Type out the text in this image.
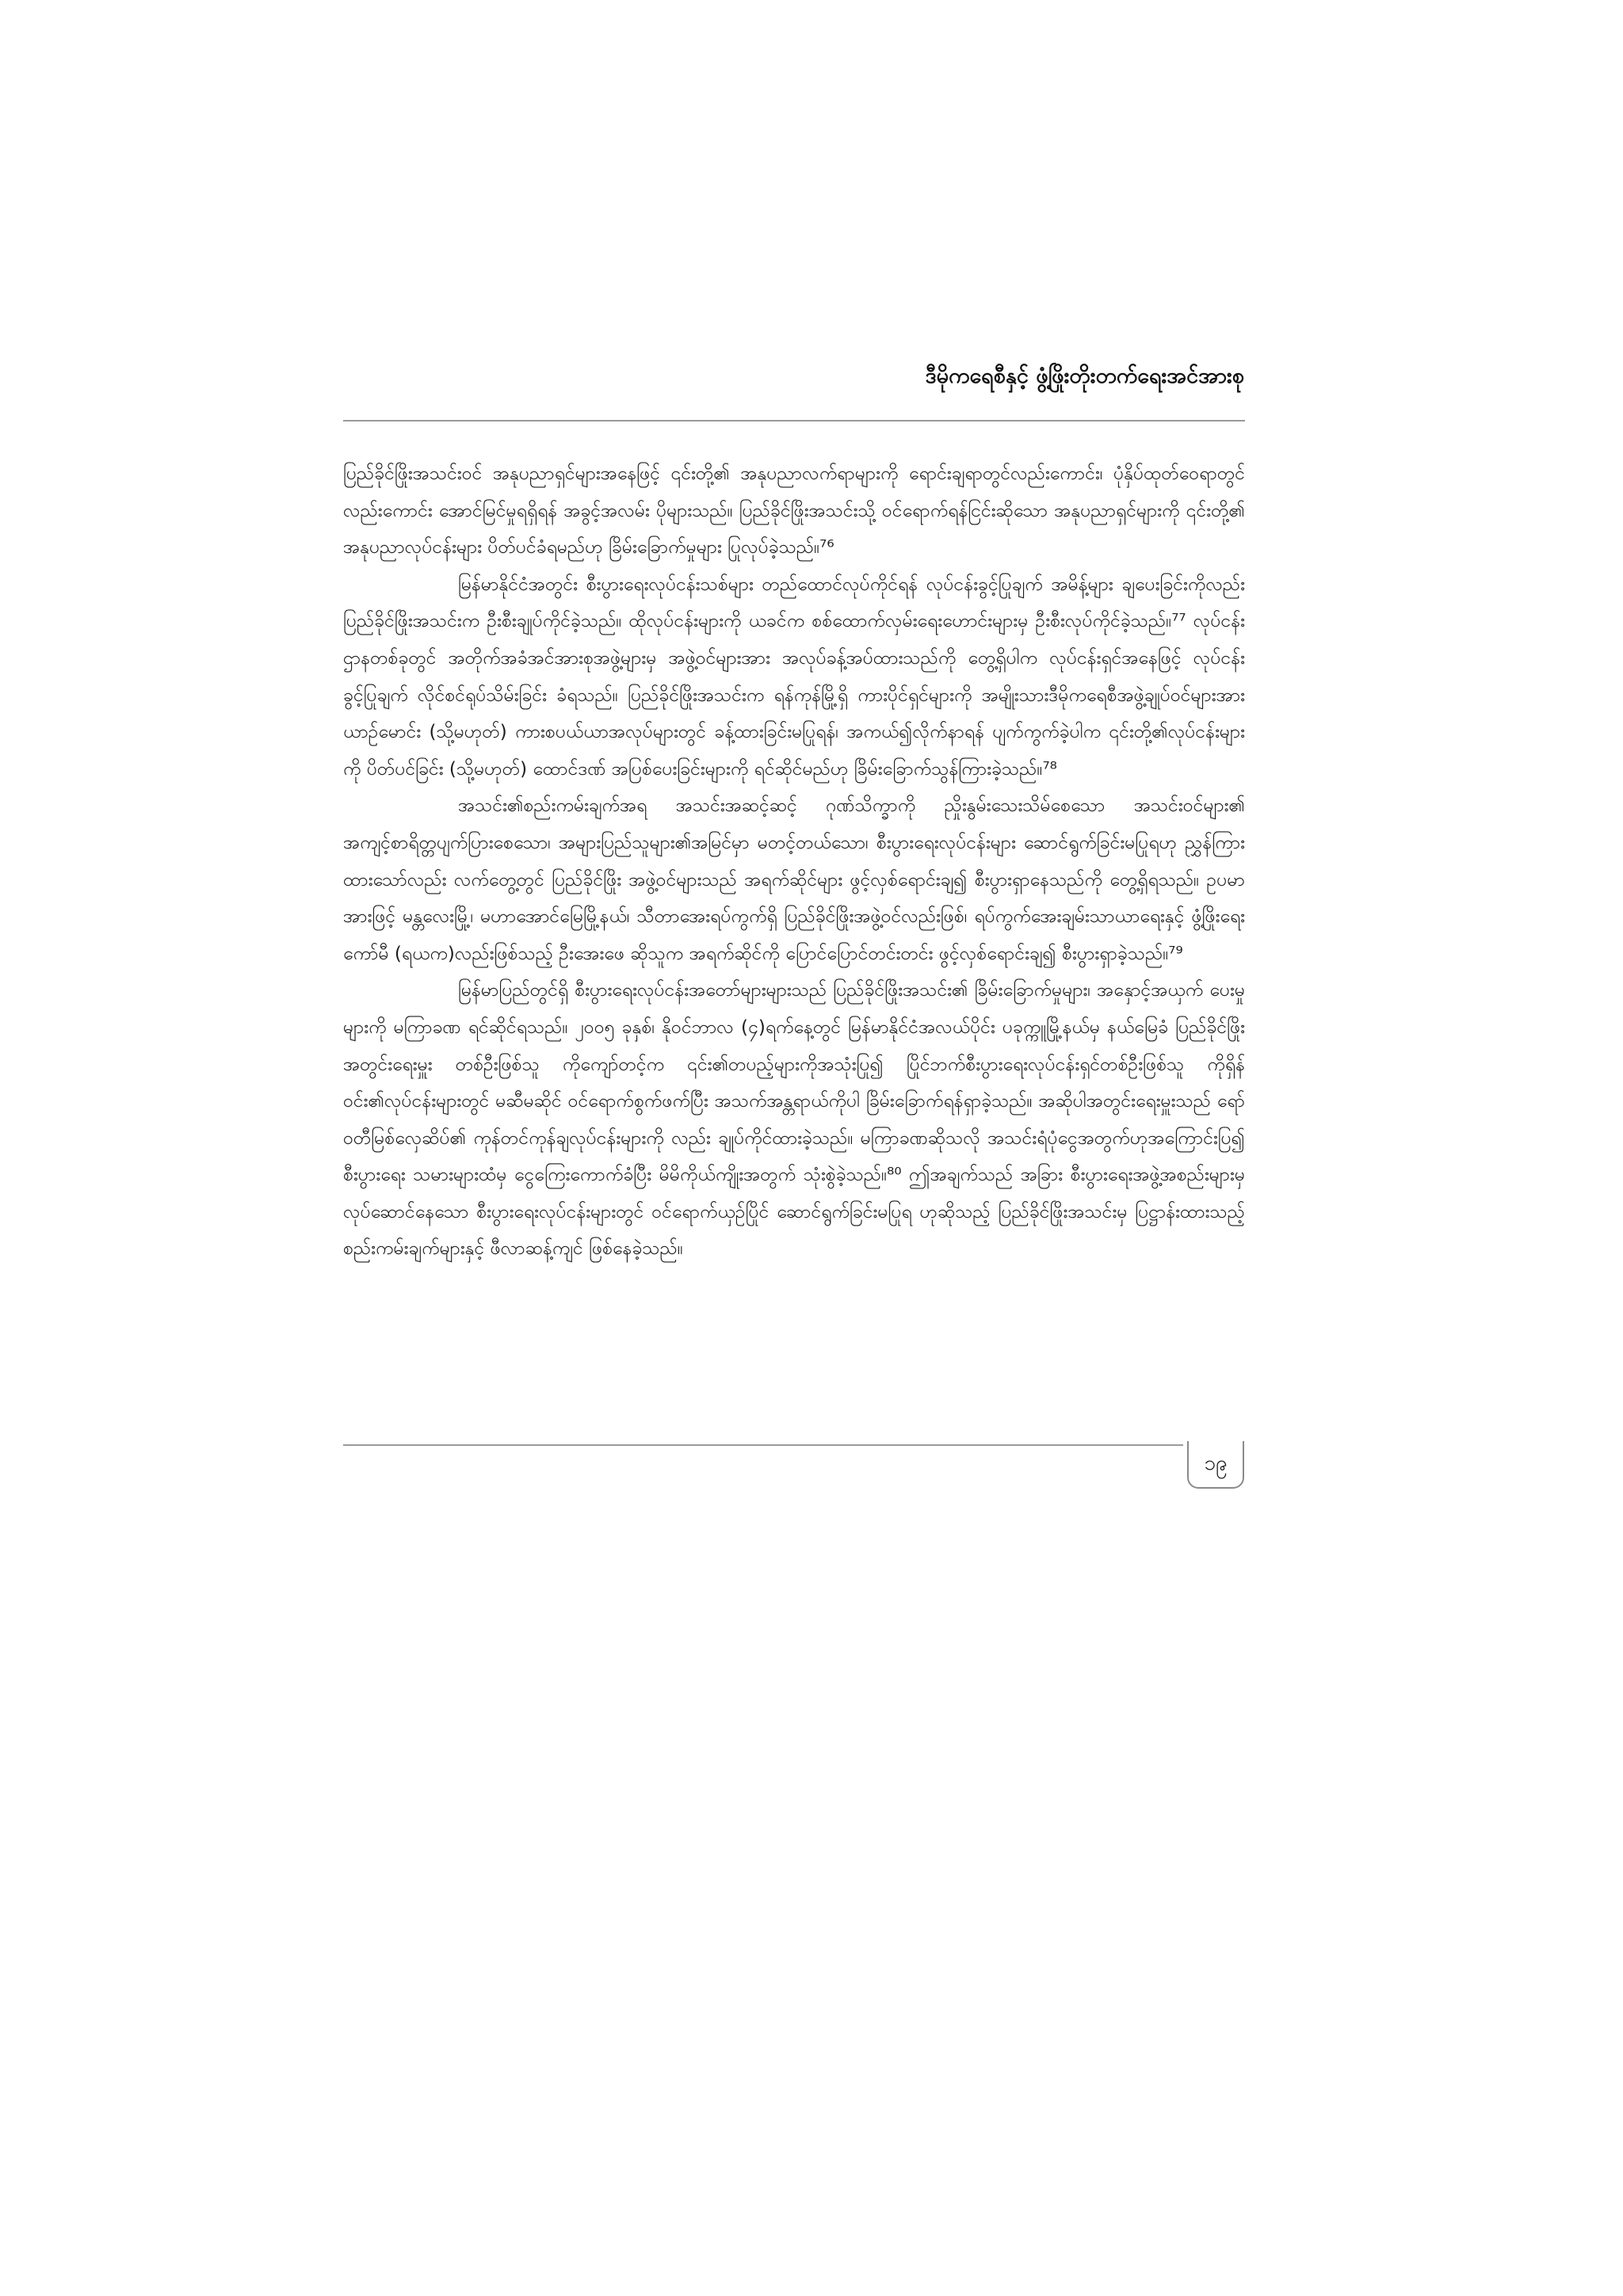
ဒီမိုကရေစီနှင့် ဖွံ့ဖြိုးတိုးတက်ရေးအင်အားစု

ပြည်ခိုင်ဖြိုးအသင်းဝင် အနုပညာရှင်များအနေဖြင့် ၎င်းတို့၏ အနုပညာလက်ရာများကို ရောင်းချရာတွင်လည်းကောင်း၊ ပုံနှိပ်ထုတ်ဝေရာတွင်လည်းကောင်း အောင်မြင်မှုရရှိရန် အခွင့်အလမ်း ပိုများသည်။ ပြည်ခိုင်ဖြိုးအသင်းသို့ ဝင်ရောက်ရန်ငြင်းဆိုသော အနုပညာရှင်များကို ၎င်းတို့၏ အနုပညာလုပ်ငန်းများ ပိတ်ပင်ခံရမည်ဟု ခြိမ်းခြောက်မှုများ ပြုလုပ်ခဲ့သည်။⁷⁶

မြန်မာနိုင်ငံအတွင်း စီးပွားရေးလုပ်ငန်းသစ်များ တည်ထောင်လုပ်ကိုင်ရန် လုပ်ငန်းခွင့်ပြုချက် အမိန့်များ ချပေးခြင်းကိုလည်း ပြည်ခိုင်ဖြိုးအသင်းက ဦးစီးချုပ်ကိုင်ခဲ့သည်။ ထိုလုပ်ငန်းများကို ယခင်က စစ်ထောက်လှမ်းရေးဟောင်းများမှ ဦးစီးလုပ်ကိုင်ခဲ့သည်။⁷⁷ လုပ်ငန်းဌာနတစ်ခုတွင် အတိုက်အခံအင်အားစုအဖွဲ့များမှ အဖွဲ့ဝင်များအား အလုပ်ခန့်အပ်ထားသည်ကို တွေ့ရှိပါက လုပ်ငန်းရှင်အနေဖြင့် လုပ်ငန်းခွင့်ပြုချက် လိုင်စင်ရုပ်သိမ်းခြင်း ခံရသည်။ ပြည်ခိုင်ဖြိုးအသင်းက ရန်ကုန်မြို့ရှိ ကားပိုင်ရှင်များကို အမျိုးသားဒီမိုကရေစီအဖွဲ့ချုပ်ဝင်များအား ယာဉ်မောင်း (သို့မဟုတ်) ကားစပယ်ယာအလုပ်များတွင် ခန့်ထားခြင်းမပြုရန်၊ အကယ်၍လိုက်နာရန် ပျက်ကွက်ခဲ့ပါက ၎င်းတို့၏လုပ်ငန်းများကို ပိတ်ပင်ခြင်း (သို့မဟုတ်) ထောင်ဒဏ် အပြစ်ပေးခြင်းများကို ရင်ဆိုင်မည်ဟု ခြိမ်းခြောက်သွန်ကြားခဲ့သည်။⁷⁸

အသင်း၏စည်းကမ်းချက်အရ အသင်းအဆင့်ဆင့် ဂုဏ်သိက္ခာကို ညှိုးနွမ်းသေးသိမ်စေသော အသင်းဝင်များ၏ အကျင့်စာရိတ္တပျက်ပြားစေသော၊ အများပြည်သူများ၏အမြင်မှာ မတင့်တယ်သော၊ စီးပွားရေးလုပ်ငန်းများ ဆောင်ရွက်ခြင်းမပြုရဟု ညွှန်ကြားထားသော်လည်း လက်တွေ့တွင် ပြည်ခိုင်ဖြိုး အဖွဲ့ဝင်များသည် အရက်ဆိုင်များ ဖွင့်လှစ်ရောင်းချ၍ စီးပွားရှာနေသည်ကို တွေ့ရှိရသည်။ ဥပမာ အားဖြင့် မန္တလေးမြို့၊ မဟာအောင်မြေမြို့နယ်၊ သီတာအေးရပ်ကွက်ရှိ ပြည်ခိုင်ဖြိုးအဖွဲ့ဝင်လည်းဖြစ်၊ ရပ်ကွက်အေးချမ်းသာယာရေးနှင့် ဖွံ့ဖြိုးရေးကော်မီ (ရယက)လည်းဖြစ်သည့် ဦးအေးဖေ ဆိုသူက အရက်ဆိုင်ကို ပြောင်ပြောင်တင်းတင်း ဖွင့်လှစ်ရောင်းချ၍ စီးပွားရှာခဲ့သည်။⁷⁹

မြန်မာပြည်တွင်ရှိ စီးပွားရေးလုပ်ငန်းအတော်များများသည် ပြည်ခိုင်ဖြိုးအသင်း၏ ခြိမ်းခြောက်မှုများ၊ အနှောင့်အယှက် ပေးမှုများကို မကြာခဏ ရင်ဆိုင်ရသည်။ ၂၀၀၅ ခုနှစ်၊ နိုဝင်ဘာလ (၄)ရက်နေ့တွင် မြန်မာနိုင်ငံအလယ်ပိုင်း ပခုက္ကူမြို့နယ်မှ နယ်မြေခံ ပြည်ခိုင်ဖြိုးအတွင်းရေးမှူး တစ်ဦးဖြစ်သူ ကိုကျော်တင့်က ၎င်း၏တပည့်များကိုအသုံးပြု၍ ပြိုင်ဘက်စီးပွားရေးလုပ်ငန်းရှင်တစ်ဦးဖြစ်သူ ကိုရှိန်ဝင်း၏လုပ်ငန်းများတွင် မဆီမဆိုင် ဝင်ရောက်စွက်ဖက်ပြီး အသက်အန္တရာယ်ကိုပါ ခြိမ်းခြောက်ရန်ရှာခဲ့သည်။ အဆိုပါအတွင်းရေးမှူးသည် ရော်ဝတီမြစ်လှေဆိပ်၏ ကုန်တင်ကုန်ချလုပ်ငန်းများကို လည်း ချုပ်ကိုင်ထားခဲ့သည်။ မကြာခဏဆိုသလို အသင်းရံပုံငွေအတွက်ဟုအကြောင်းပြ၍ စီးပွားရေး သမားများထံမှ ငွေကြေးကောက်ခံပြီး မိမိကိုယ်ကျိုးအတွက် သုံးစွဲခဲ့သည်။⁸⁰ ဤအချက်သည် အခြား စီးပွားရေးအဖွဲ့အစည်းများမှ လုပ်ဆောင်နေသော စီးပွားရေးလုပ်ငန်းများတွင် ဝင်ရောက်ယှဉ်ပြိုင် ဆောင်ရွက်ခြင်းမပြုရ ဟုဆိုသည့် ပြည်ခိုင်ဖြိုးအသင်းမှ ပြဋ္ဌာန်းထားသည့် စည်းကမ်းချက်များနှင့် ဖီလာဆန့်ကျင် ဖြစ်နေခဲ့သည်။

၁၉
